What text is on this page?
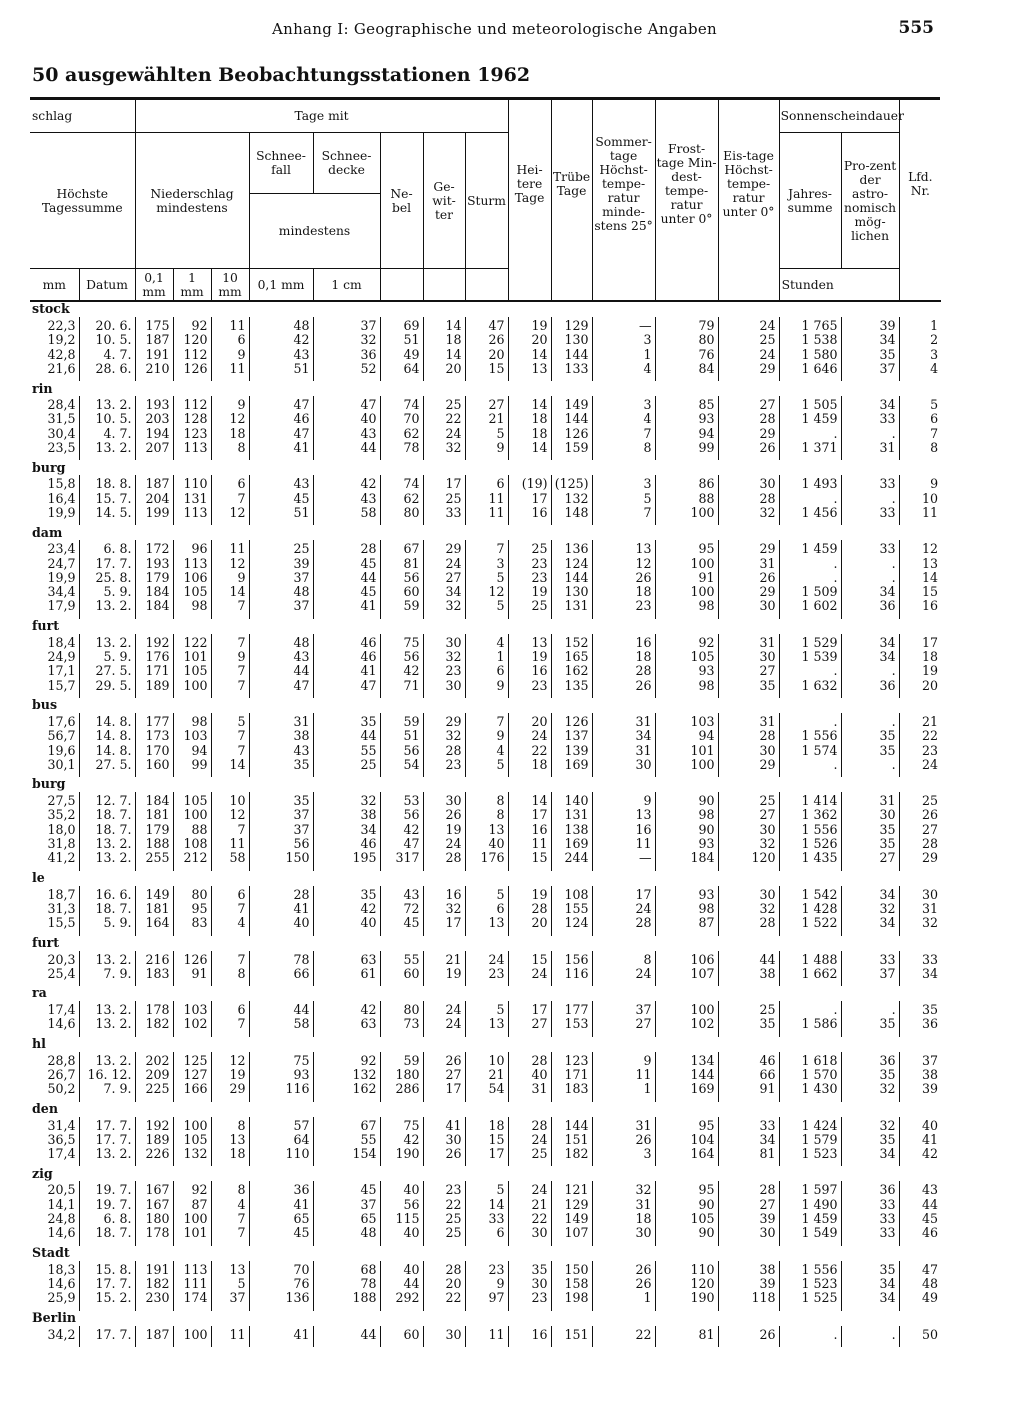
Anhang I: Geographische und meteorologische Angaben	555
50 ausgewählten Beobachtungsstationen 1962
schlag		Tage mit								Hei-tere Tage	Trübe Tage	Sommer-tage Höchst-tempe-ratur minde-stens 25°	Frost-tage Min-dest-tempe-ratur unter 0°	Eis-tage Höchst-tempe-ratur unter 0°	Sonnenscheindauer		Lfd. Nr.
Höchste Tagessumme		Niederschlag mindestens			Schnee-fall	Schnee-decke	Ne-bel	Ge-wit-ter	Sturm						Jahres-summe	Pro-zent der astro-nomisch mög-lichen	
					mindestens												
mm	Datum	0,1 mm	1 mm	10 mm	0,1 mm	1 cm									Stunden		
stock																	
22,3	20. 6.	175	92	11	48	37	69	14	47	19	129	—	79	24	1 765	39	1
19,2	10. 5.	187	120	6	42	32	51	18	26	20	130	3	80	25	1 538	34	2
42,8	4. 7.	191	112	9	43	36	49	14	20	14	144	1	76	24	1 580	35	3
21,6	28. 6.	210	126	11	51	52	64	20	15	13	133	4	84	29	1 646	37	4
rin																	
28,4	13. 2.	193	112	9	47	47	74	25	27	14	149	3	85	27	1 505	34	5
31,5	10. 5.	203	128	12	46	40	70	22	21	18	144	4	93	28	1 459	33	6
30,4	4. 7.	194	123	18	47	43	62	24	5	18	126	7	94	29	.	.	7
23,5	13. 2.	207	113	8	41	44	78	32	9	14	159	8	99	26	1 371	31	8
burg																	
15,8	18. 8.	187	110	6	43	42	74	17	6	(19)	(125)	3	86	30	1 493	33	9
16,4	15. 7.	204	131	7	45	43	62	25	11	17	132	5	88	28	.	.	10
19,9	14. 5.	199	113	12	51	58	80	33	11	16	148	7	100	32	1 456	33	11
dam																	
23,4	6. 8.	172	96	11	25	28	67	29	7	25	136	13	95	29	1 459	33	12
24,7	17. 7.	193	113	12	39	45	81	24	3	23	124	12	100	31	.	.	13
19,9	25. 8.	179	106	9	37	44	56	27	5	23	144	26	91	26	.	.	14
34,4	5. 9.	184	105	14	48	45	60	34	12	19	130	18	100	29	1 509	34	15
17,9	13. 2.	184	98	7	37	41	59	32	5	25	131	23	98	30	1 602	36	16
furt																	
18,4	13. 2.	192	122	7	48	46	75	30	4	13	152	16	92	31	1 529	34	17
24,9	5. 9.	176	101	9	43	46	56	32	1	19	165	18	105	30	1 539	34	18
17,1	27. 5.	171	105	7	44	41	42	23	6	16	162	28	93	27	.	.	19
15,7	29. 5.	189	100	7	47	47	71	30	9	23	135	26	98	35	1 632	36	20
bus																	
17,6	14. 8.	177	98	5	31	35	59	29	7	20	126	31	103	31	.	.	21
56,7	14. 8.	173	103	7	38	44	51	32	9	24	137	34	94	28	1 556	35	22
19,6	14. 8.	170	94	7	43	55	56	28	4	22	139	31	101	30	1 574	35	23
30,1	27. 5.	160	99	14	35	25	54	23	5	18	169	30	100	29	.	.	24
burg																	
27,5	12. 7.	184	105	10	35	32	53	30	8	14	140	9	90	25	1 414	31	25
35,2	18. 7.	181	100	12	37	38	56	26	8	17	131	13	98	27	1 362	30	26
18,0	18. 7.	179	88	7	37	34	42	19	13	16	138	16	90	30	1 556	35	27
31,8	13. 2.	188	108	11	56	46	47	24	40	11	169	11	93	32	1 526	35	28
41,2	13. 2.	255	212	58	150	195	317	28	176	15	244	—	184	120	1 435	27	29
le																	
18,7	16. 6.	149	80	6	28	35	43	16	5	19	108	17	93	30	1 542	34	30
31,3	18. 7.	181	95	7	41	42	72	32	6	28	155	24	98	32	1 428	32	31
15,5	5. 9.	164	83	4	40	40	45	17	13	20	124	28	87	28	1 522	34	32
furt																	
20,3	13. 2.	216	126	7	78	63	55	21	24	15	156	8	106	44	1 488	33	33
25,4	7. 9.	183	91	8	66	61	60	19	23	24	116	24	107	38	1 662	37	34
ra																	
17,4	13. 2.	178	103	6	44	42	80	24	5	17	177	37	100	25	.	.	35
14,6	13. 2.	182	102	7	58	63	73	24	13	27	153	27	102	35	1 586	35	36
hl																	
28,8	13. 2.	202	125	12	75	92	59	26	10	28	123	9	134	46	1 618	36	37
26,7	16. 12.	209	127	19	93	132	180	27	21	40	171	11	144	66	1 570	35	38
50,2	7. 9.	225	166	29	116	162	286	17	54	31	183	1	169	91	1 430	32	39
den																	
31,4	17. 7.	192	100	8	57	67	75	41	18	28	144	31	95	33	1 424	32	40
36,5	17. 7.	189	105	13	64	55	42	30	15	24	151	26	104	34	1 579	35	41
17,4	13. 2.	226	132	18	110	154	190	26	17	25	182	3	164	81	1 523	34	42
zig																	
20,5	19. 7.	167	92	8	36	45	40	23	5	24	121	32	95	28	1 597	36	43
14,1	19. 7.	167	87	4	41	37	56	22	14	21	129	31	90	27	1 490	33	44
24,8	6. 8.	180	100	7	65	65	115	25	33	22	149	18	105	39	1 459	33	45
14,6	18. 7.	178	101	7	45	48	40	25	6	30	107	30	90	30	1 549	33	46
Stadt																	
18,3	15. 8.	191	113	13	70	68	40	28	23	35	150	26	110	38	1 556	35	47
14,6	17. 7.	182	111	5	76	78	44	20	9	30	158	26	120	39	1 523	34	48
25,9	15. 2.	230	174	37	136	188	292	22	97	23	198	1	190	118	1 525	34	49
Berlin																	
34,2	17. 7.	187	100	11	41	44	60	30	11	16	151	22	81	26	.	.	50
